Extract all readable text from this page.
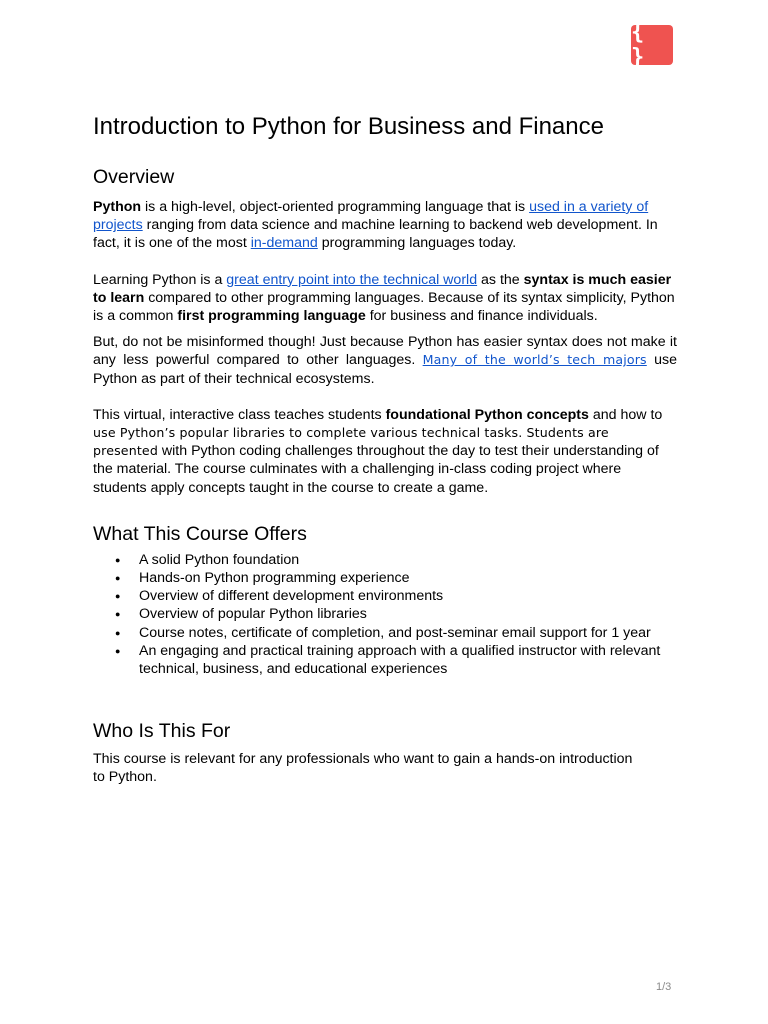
{ }
Introduction to Python for Business and Finance
Overview

Python is a high-level, object-oriented programming language that is used in a variety of projects ranging from data science and machine learning to backend web development. In fact, it is one of the most in-demand programming languages today.

Learning Python is a great entry point into the technical world as the syntax is much easier to learn compared to other programming languages. Because of its syntax simplicity, Python is a common first programming language for business and finance individuals.

But, do not be misinformed though! Just because Python has easier syntax does not make it any less powerful compared to other languages. Many of the world’s tech majors use Python as part of their technical ecosystems.

This virtual, interactive class teaches students foundational Python concepts and how to use Python’s popular libraries to complete various technical tasks. Students are presented with Python coding challenges throughout the day to test their understanding of the material. The course culminates with a challenging in-class coding project where students apply concepts taught in the course to create a game.

What This Course Offers
● A solid Python foundation
● Hands-on Python programming experience
● Overview of different development environments
● Overview of popular Python libraries
● Course notes, certificate of completion, and post-seminar email support for 1 year
● An engaging and practical training approach with a qualified instructor with relevant technical, business, and educational experiences
Who Is This For

This course is relevant for any professionals who want to gain a hands-on introduction to Python.

1/3
